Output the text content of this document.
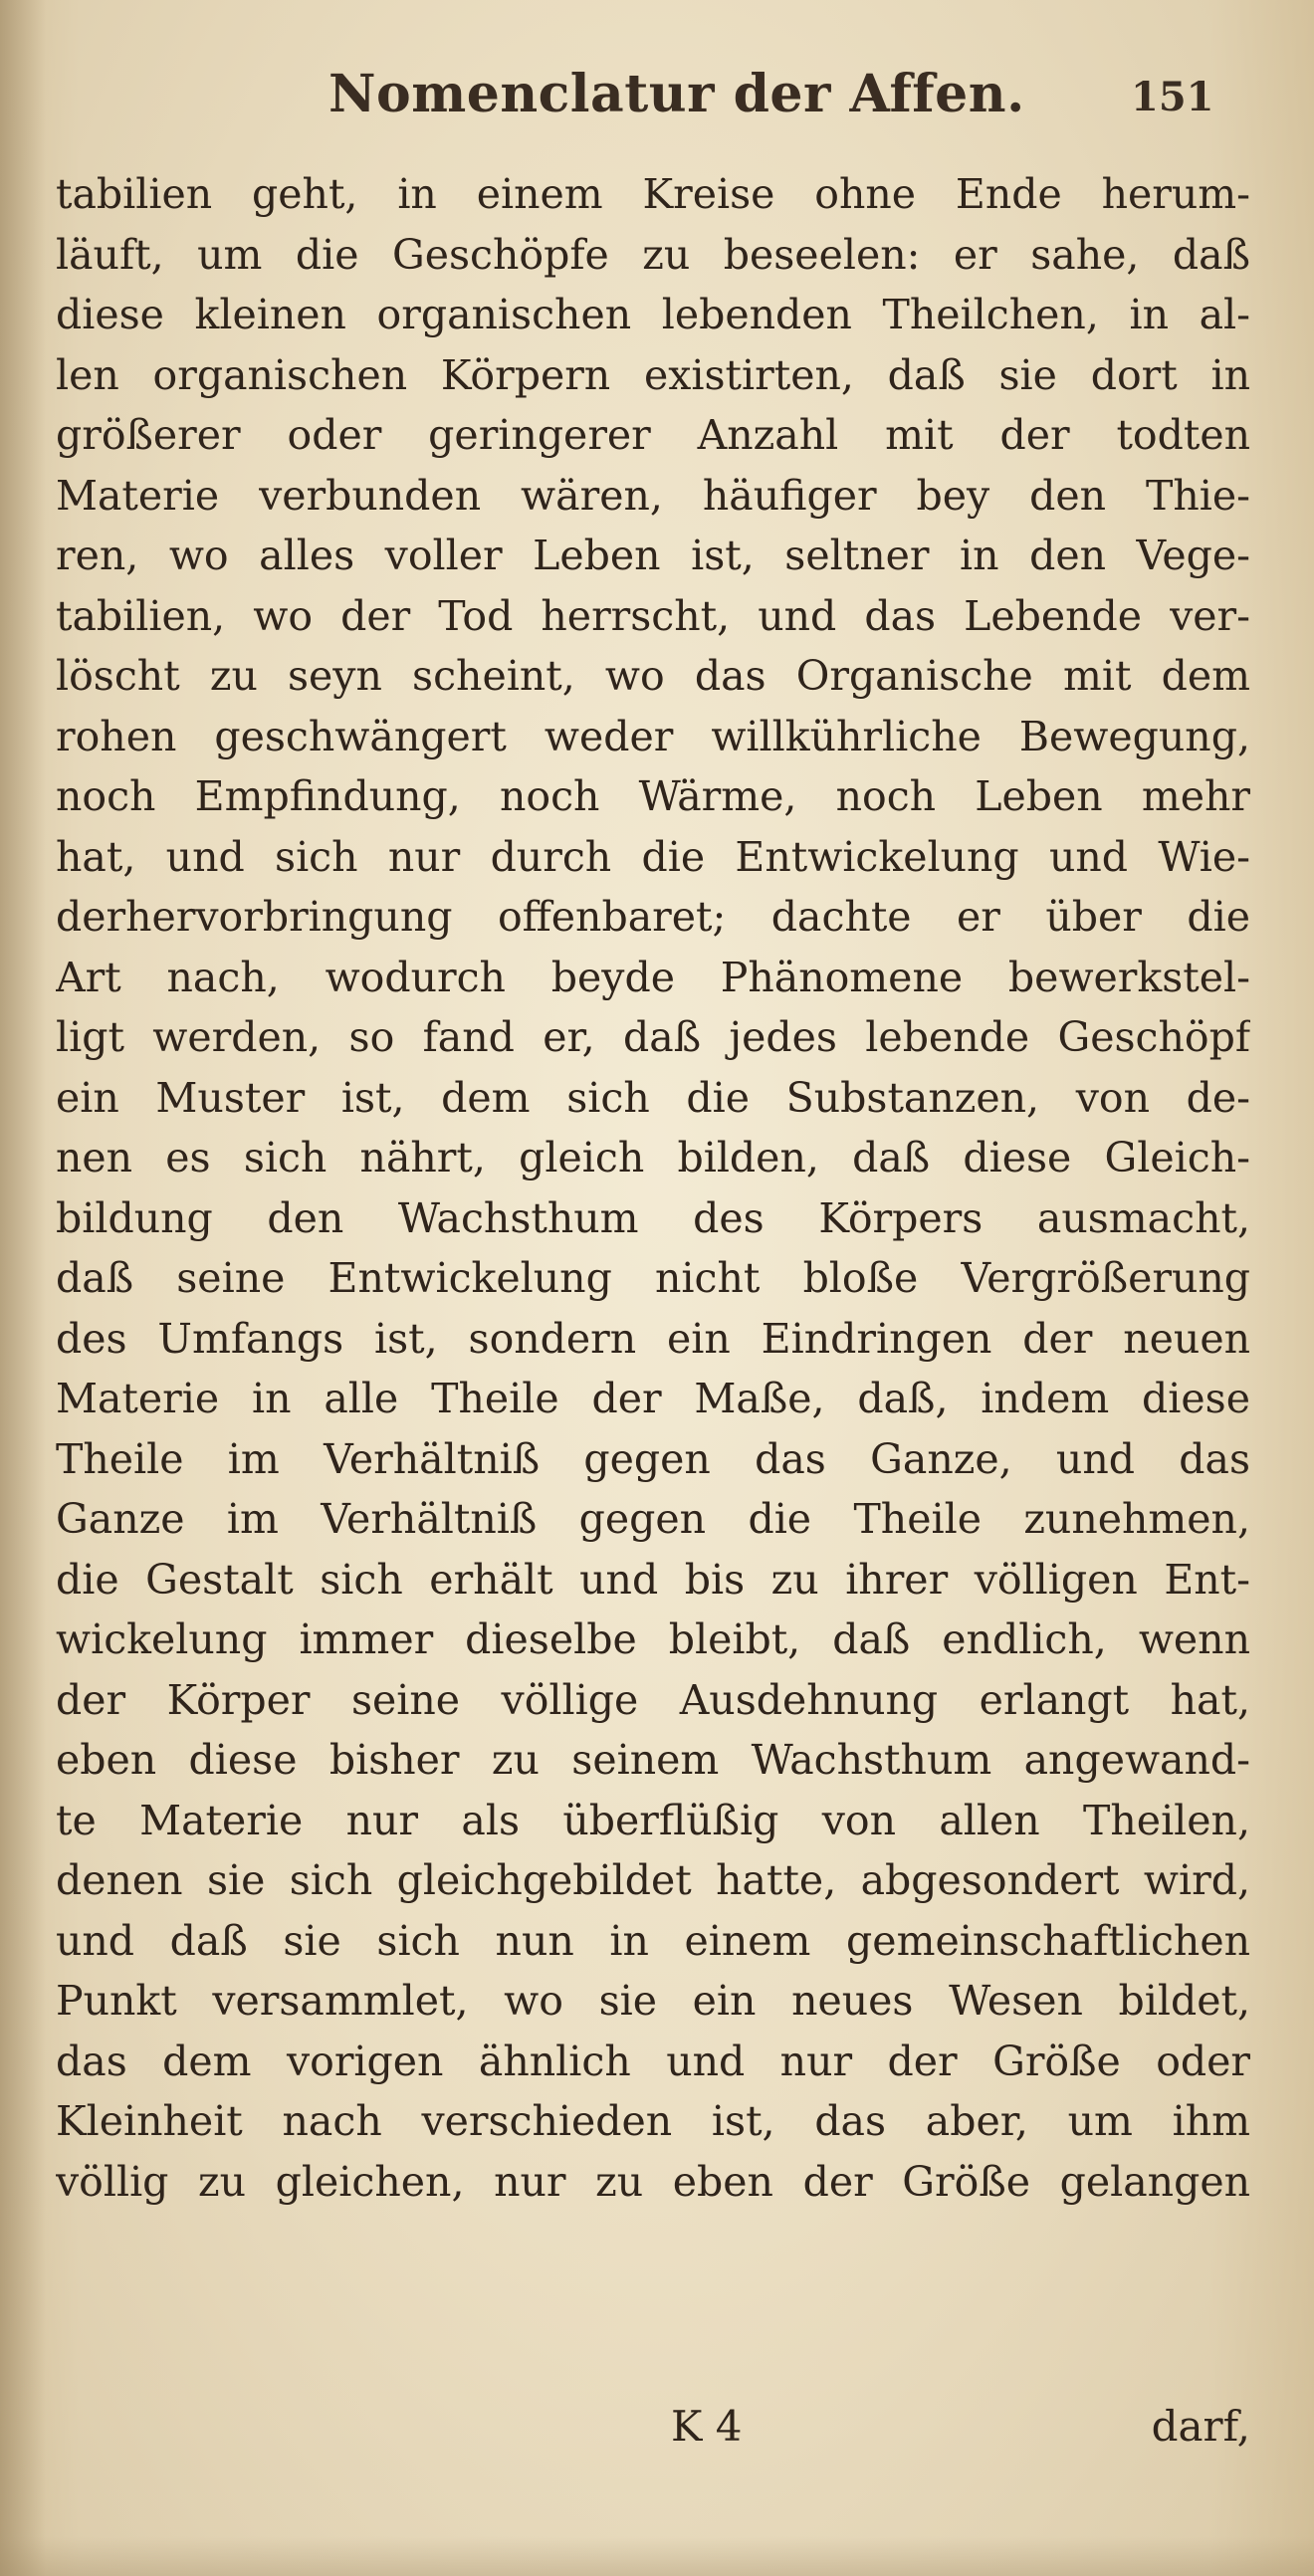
Nomenclatur der Affen.	151
tabilien geht, in einem Kreise ohne Ende herum-
läuft, um die Geschöpfe zu beseelen: er sahe, daß
diese kleinen organischen lebenden Theilchen, in al-
len organischen Körpern existirten, daß sie dort in
größerer oder geringerer Anzahl mit der todten
Materie verbunden wären, häufiger bey den Thie-
ren, wo alles voller Leben ist, seltner in den Vege-
tabilien, wo der Tod herrscht, und das Lebende ver-
löscht zu seyn scheint, wo das Organische mit dem
rohen geschwängert weder willkührliche Bewegung,
noch Empfindung, noch Wärme, noch Leben mehr
hat, und sich nur durch die Entwickelung und Wie-
derhervorbringung offenbaret; dachte er über die
Art nach, wodurch beyde Phänomene bewerkstel-
ligt werden, so fand er, daß jedes lebende Geschöpf
ein Muster ist, dem sich die Substanzen, von de-
nen es sich nährt, gleich bilden, daß diese Gleich-
bildung den Wachsthum des Körpers ausmacht,
daß seine Entwickelung nicht bloße Vergrößerung
des Umfangs ist, sondern ein Eindringen der neuen
Materie in alle Theile der Maße, daß, indem diese
Theile im Verhältniß gegen das Ganze, und das
Ganze im Verhältniß gegen die Theile zunehmen,
die Gestalt sich erhält und bis zu ihrer völligen Ent-
wickelung immer dieselbe bleibt, daß endlich, wenn
der Körper seine völlige Ausdehnung erlangt hat,
eben diese bisher zu seinem Wachsthum angewand-
te Materie nur als überflüßig von allen Theilen,
denen sie sich gleichgebildet hatte, abgesondert wird,
und daß sie sich nun in einem gemeinschaftlichen
Punkt versammlet, wo sie ein neues Wesen bildet,
das dem vorigen ähnlich und nur der Größe oder
Kleinheit nach verschieden ist, das aber, um ihm
völlig zu gleichen, nur zu eben der Größe gelangen
K 4	darf,
